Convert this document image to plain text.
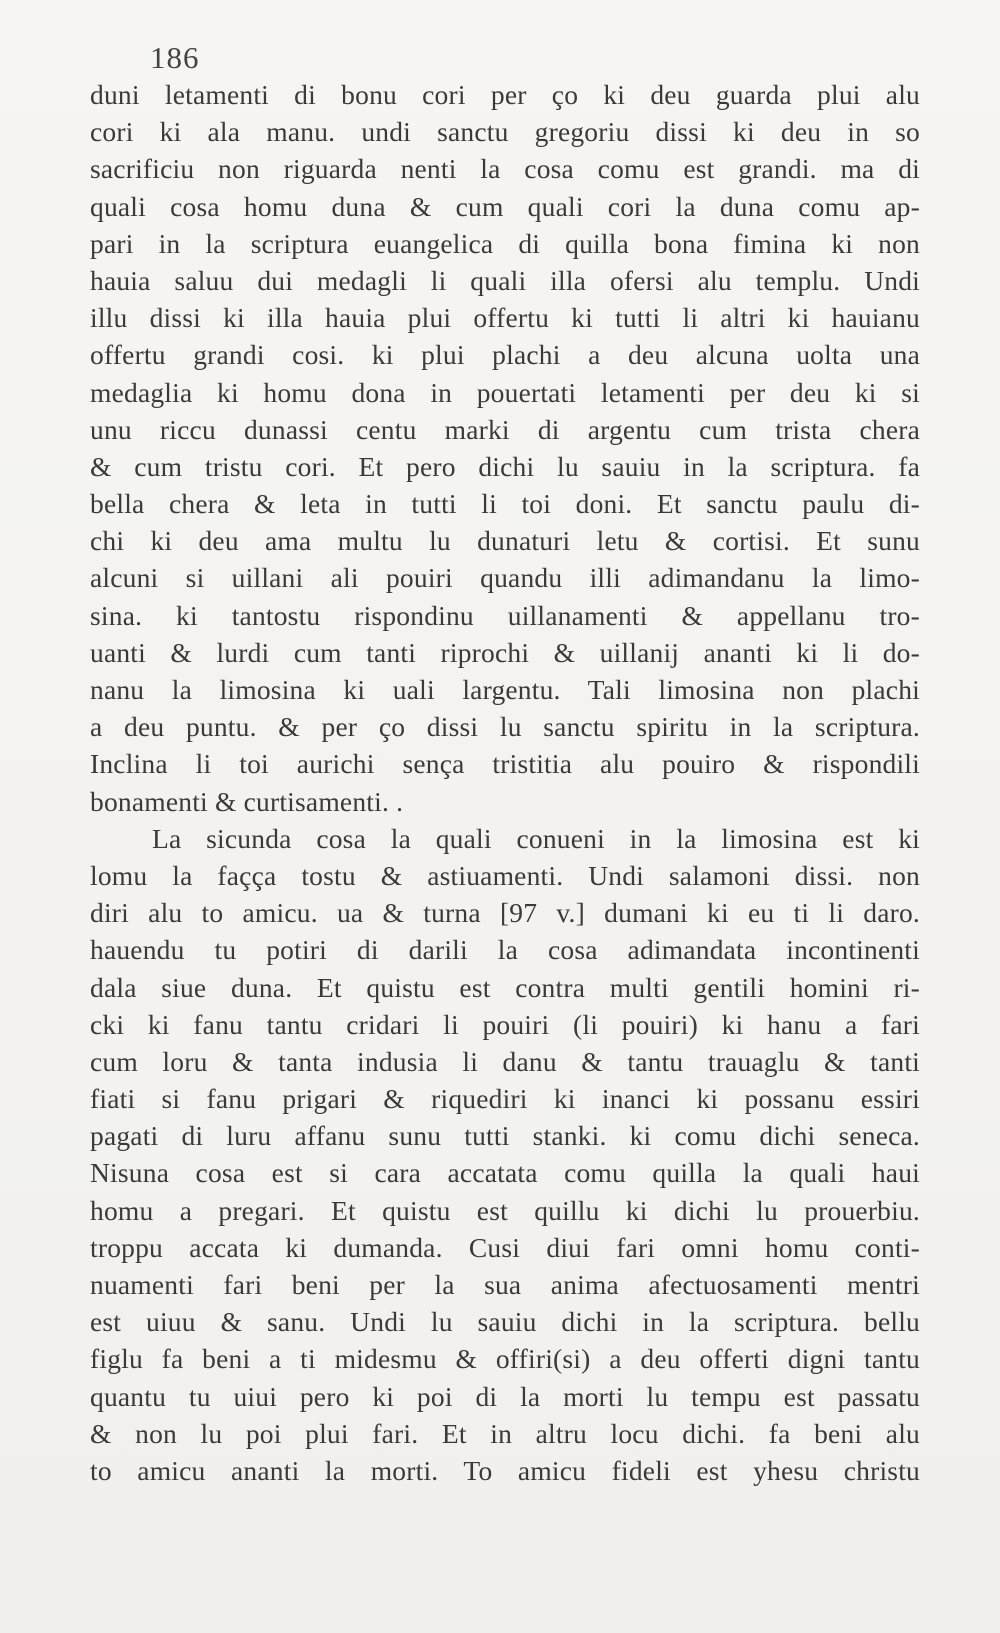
186
duni letamenti di bonu cori per ço ki deu guarda plui alu
cori ki ala manu. undi sanctu gregoriu dissi ki deu in so
sacrificiu non riguarda nenti la cosa comu est grandi. ma di
quali cosa homu duna & cum quali cori la duna comu ap-
pari in la scriptura euangelica di quilla bona fimina ki non
hauia saluu dui medagli li quali illa ofersi alu templu. Undi
illu dissi ki illa hauia plui offertu ki tutti li altri ki hauianu
offertu grandi cosi. ki plui plachi a deu alcuna uolta una
medaglia ki homu dona in pouertati letamenti per deu ki si
unu riccu dunassi centu marki di argentu cum trista chera
& cum tristu cori. Et pero dichi lu sauiu in la scriptura. fa
bella chera & leta in tutti li toi doni. Et sanctu paulu di-
chi ki deu ama multu lu dunaturi letu & cortisi. Et sunu
alcuni si uillani ali pouiri quandu illi adimandanu la limo-
sina. ki tantostu rispondinu uillanamenti & appellanu tro-
uanti & lurdi cum tanti riprochi & uillanij ananti ki li do-
nanu la limosina ki uali largentu. Tali limosina non plachi
a deu puntu. & per ço dissi lu sanctu spiritu in la scriptura.
Inclina li toi aurichi sença tristitia alu pouiro & rispondili
bonamenti & curtisamenti. .
La sicunda cosa la quali conueni in la limosina est ki
lomu la façça tostu & astiuamenti. Undi salamoni dissi. non
diri alu to amicu. ua & turna [97 v.] dumani ki eu ti li daro.
hauendu tu potiri di darili la cosa adimandata incontinenti
dala siue duna. Et quistu est contra multi gentili homini ri-
cki ki fanu tantu cridari li pouiri (li pouiri) ki hanu a fari
cum loru & tanta indusia li danu & tantu trauaglu & tanti
fiati si fanu prigari & riquediri ki inanci ki possanu essiri
pagati di luru affanu sunu tutti stanki. ki comu dichi seneca.
Nisuna cosa est si cara accatata comu quilla la quali haui
homu a pregari. Et quistu est quillu ki dichi lu prouerbiu.
troppu accata ki dumanda. Cusi diui fari omni homu conti-
nuamenti fari beni per la sua anima afectuosamenti mentri
est uiuu & sanu. Undi lu sauiu dichi in la scriptura. bellu
figlu fa beni a ti midesmu & offiri(si) a deu offerti digni tantu
quantu tu uiui pero ki poi di la morti lu tempu est passatu
& non lu poi plui fari. Et in altru locu dichi. fa beni alu
to amicu ananti la morti. To amicu fideli est yhesu christu
